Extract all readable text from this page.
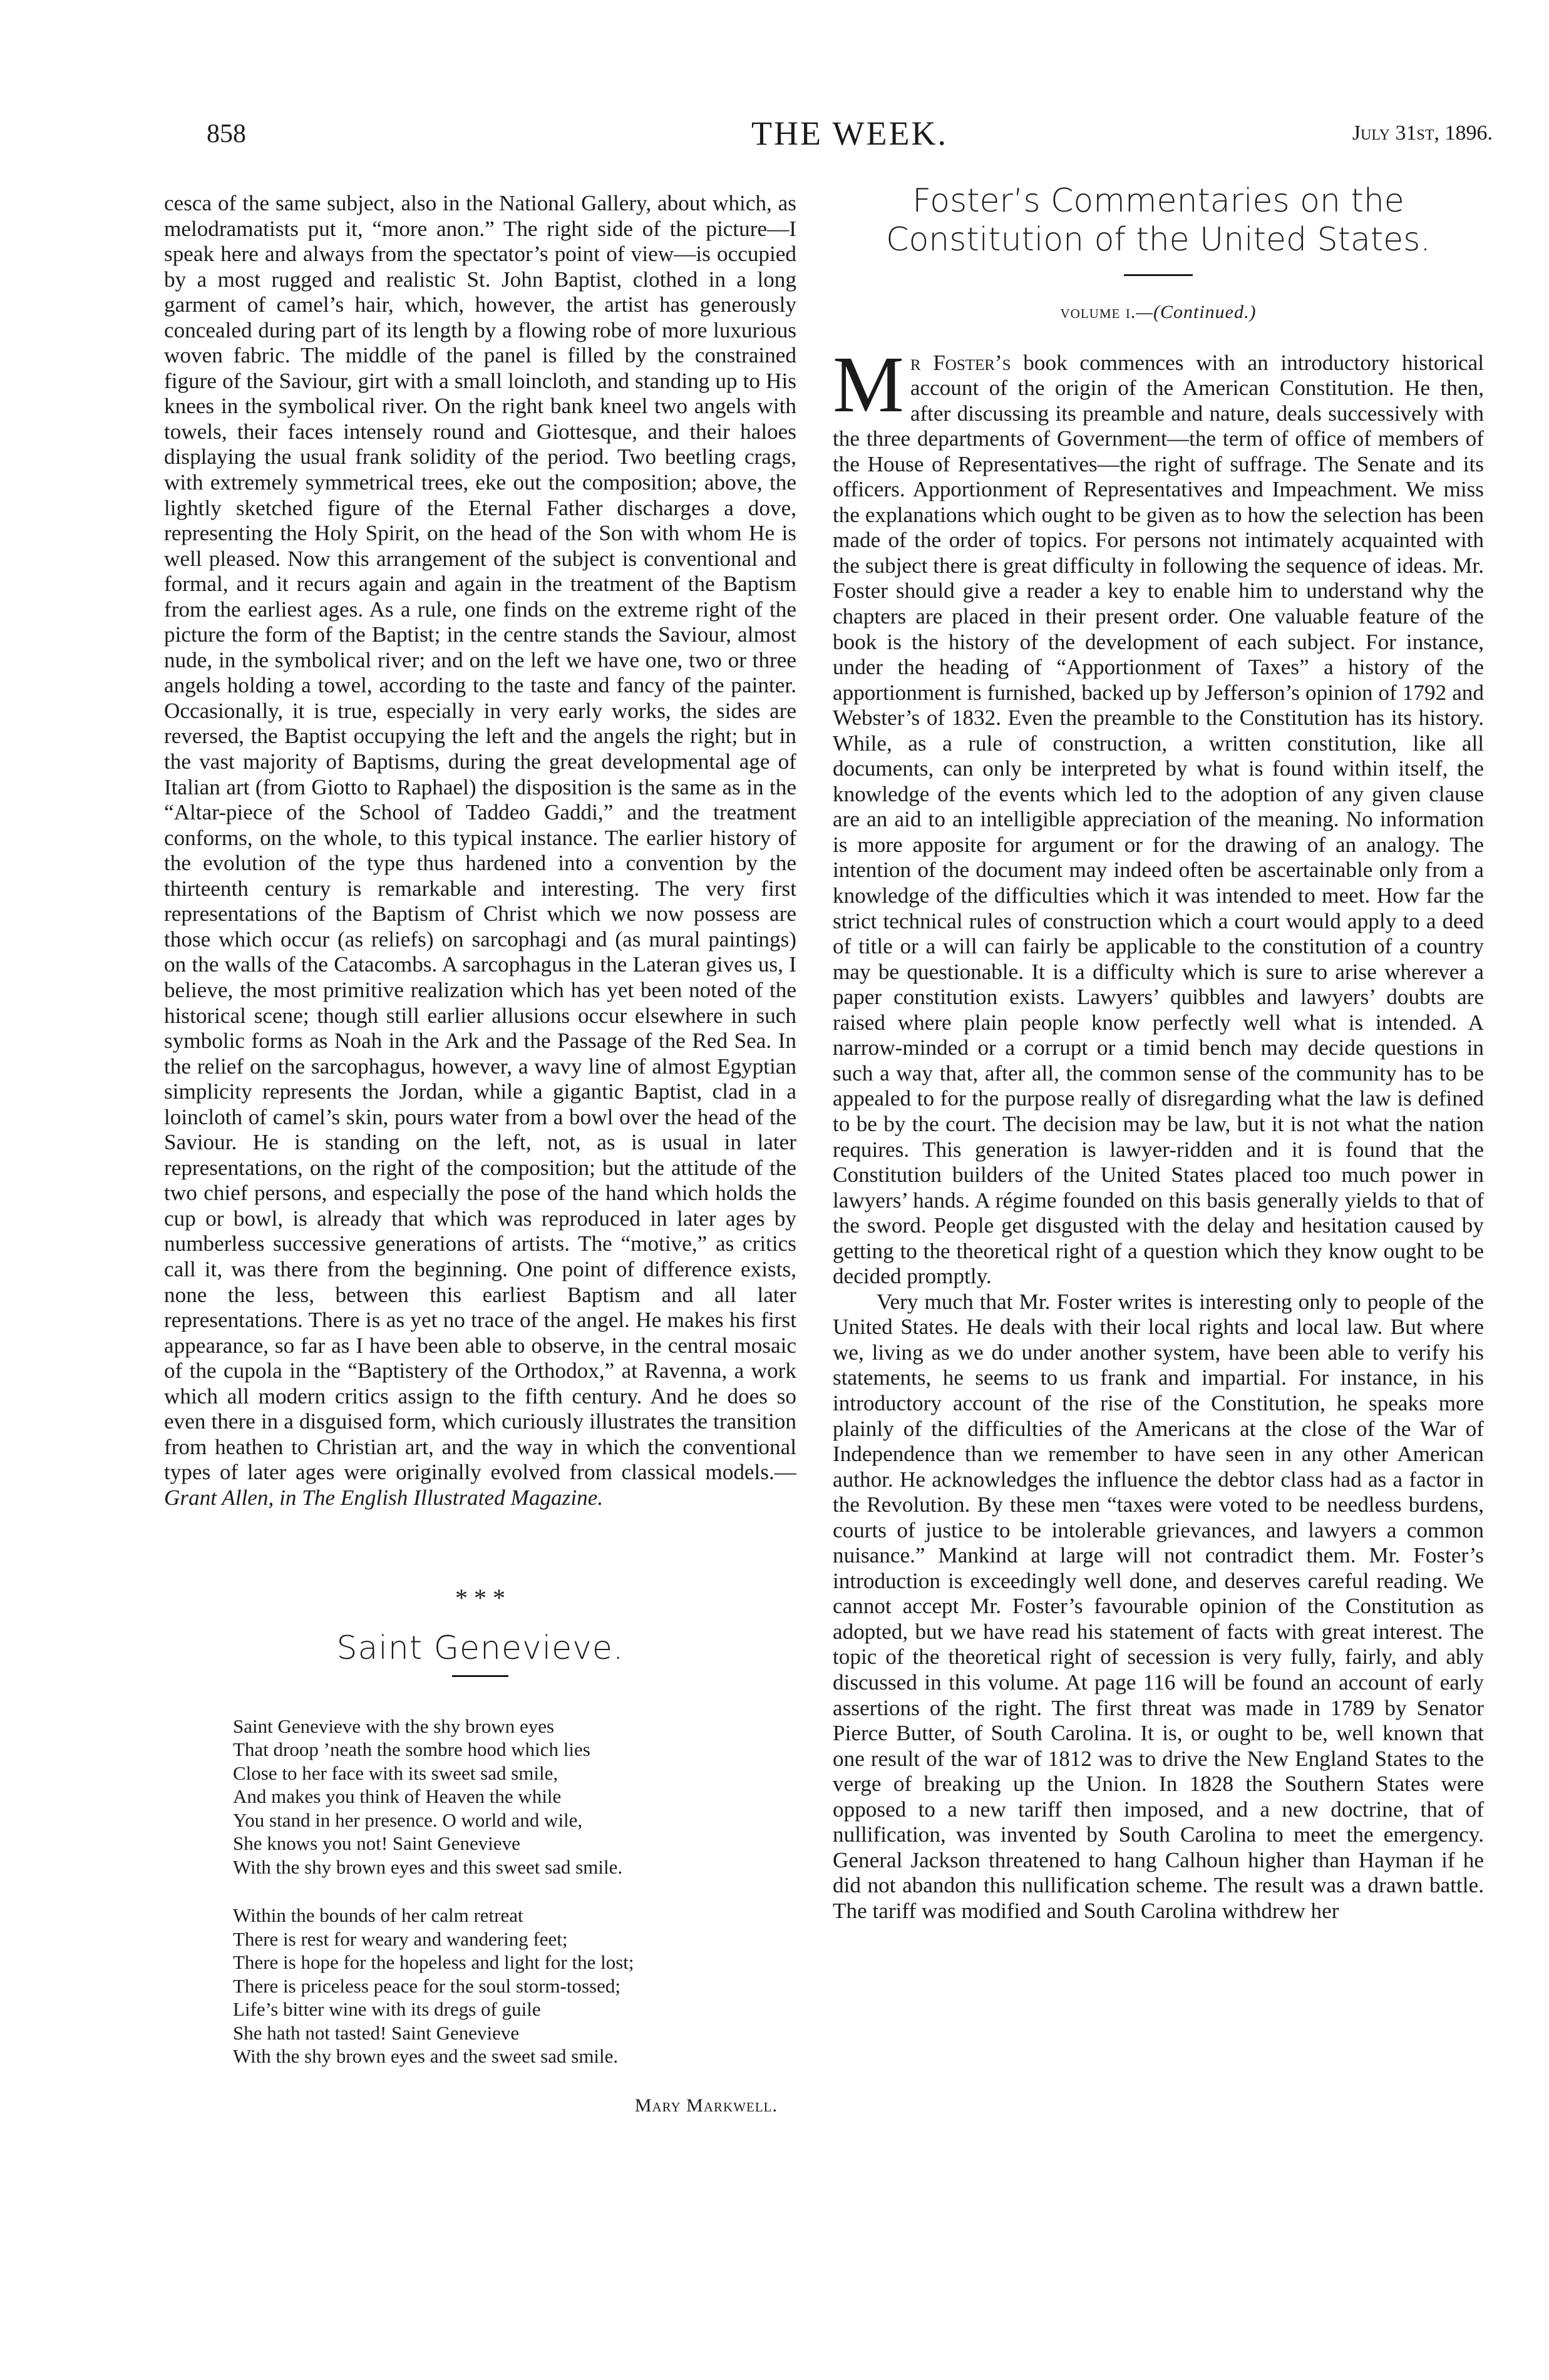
858	THE WEEK.	July 31st, 1896.

cesca of the same subject, also in the National Gallery, about which, as melodramatists put it, “more anon.” The right side of the picture—I speak here and always from the spectator’s point of view—is occupied by a most rugged and realistic St. John Baptist, clothed in a long garment of camel’s hair, which, however, the artist has generously concealed during part of its length by a flowing robe of more luxurious woven fabric. The middle of the panel is filled by the constrained figure of the Saviour, girt with a small loincloth, and standing up to His knees in the symbolical river. On the right bank kneel two angels with towels, their faces intensely round and Giottesque, and their haloes displaying the usual frank solidity of the period. Two beetling crags, with extremely symmetrical trees, eke out the composition; above, the lightly sketched figure of the Eternal Father discharges a dove, representing the Holy Spirit, on the head of the Son with whom He is well pleased. Now this arrangement of the subject is conventional and formal, and it recurs again and again in the treatment of the Baptism from the earliest ages. As a rule, one finds on the extreme right of the picture the form of the Baptist; in the centre stands the Saviour, almost nude, in the symbolical river; and on the left we have one, two or three angels holding a towel, according to the taste and fancy of the painter. Occasionally, it is true, especially in very early works, the sides are reversed, the Baptist occupying the left and the angels the right; but in the vast majority of Baptisms, during the great developmental age of Italian art (from Giotto to Raphael) the disposition is the same as in the “Altar-piece of the School of Taddeo Gaddi,” and the treatment conforms, on the whole, to this typical instance. The earlier history of the evolution of the type thus hardened into a convention by the thirteenth century is remarkable and interesting. The very first representations of the Baptism of Christ which we now possess are those which occur (as reliefs) on sarcophagi and (as mural paintings) on the walls of the Catacombs. A sarcophagus in the Lateran gives us, I believe, the most primitive realization which has yet been noted of the historical scene; though still earlier allusions occur elsewhere in such symbolic forms as Noah in the Ark and the Passage of the Red Sea. In the relief on the sarcophagus, however, a wavy line of almost Egyptian simplicity represents the Jordan, while a gigantic Baptist, clad in a loincloth of camel’s skin, pours water from a bowl over the head of the Saviour. He is standing on the left, not, as is usual in later representations, on the right of the composition; but the attitude of the two chief persons, and especially the pose of the hand which holds the cup or bowl, is already that which was reproduced in later ages by numberless successive generations of artists. The “motive,” as critics call it, was there from the beginning. One point of difference exists, none the less, between this earliest Baptism and all later representations. There is as yet no trace of the angel. He makes his first appearance, so far as I have been able to observe, in the central mosaic of the cupola in the “Baptistery of the Orthodox,” at Ravenna, a work which all modern critics assign to the fifth century. And he does so even there in a disguised form, which curiously illustrates the transition from heathen to Christian art, and the way in which the conventional types of later ages were originally evolved from classical models.—Grant Allen, in The English Illustrated Magazine.

* * *
Saint Genevieve.
Saint Genevieve with the shy brown eyes
That droop ’neath the sombre hood which lies
Close to her face with its sweet sad smile,
And makes you think of Heaven the while
You stand in her presence. O world and wile,
She knows you not! Saint Genevieve
With the shy brown eyes and this sweet sad smile.
Within the bounds of her calm retreat
There is rest for weary and wandering feet;
There is hope for the hopeless and light for the lost;
There is priceless peace for the soul storm-tossed;
Life’s bitter wine with its dregs of guile
She hath not tasted! Saint Genevieve
With the shy brown eyes and the sweet sad smile.
Mary Markwell.
Foster’s Commentaries on the Constitution of the United States.
volume i.—(Continued.)

Mr Foster’s book commences with an introductory historical account of the origin of the American Constitution. He then, after discussing its preamble and nature, deals successively with the three departments of Government—the term of office of members of the House of Representatives—the right of suffrage. The Senate and its officers. Apportionment of Representatives and Impeachment. We miss the explanations which ought to be given as to how the selection has been made of the order of topics. For persons not intimately acquainted with the subject there is great difficulty in following the sequence of ideas. Mr. Foster should give a reader a key to enable him to understand why the chapters are placed in their present order. One valuable feature of the book is the history of the development of each subject. For instance, under the heading of “Apportionment of Taxes” a history of the apportionment is furnished, backed up by Jefferson’s opinion of 1792 and Webster’s of 1832. Even the preamble to the Constitution has its history. While, as a rule of construction, a written constitution, like all documents, can only be interpreted by what is found within itself, the knowledge of the events which led to the adoption of any given clause are an aid to an intelligible appreciation of the meaning. No information is more apposite for argument or for the drawing of an analogy. The intention of the document may indeed often be ascertainable only from a knowledge of the difficulties which it was intended to meet. How far the strict technical rules of construction which a court would apply to a deed of title or a will can fairly be applicable to the constitution of a country may be questionable. It is a difficulty which is sure to arise wherever a paper constitution exists. Lawyers’ quibbles and lawyers’ doubts are raised where plain people know perfectly well what is intended. A narrow-minded or a corrupt or a timid bench may decide questions in such a way that, after all, the common sense of the community has to be appealed to for the purpose really of disregarding what the law is defined to be by the court. The decision may be law, but it is not what the nation requires. This generation is lawyer-ridden and it is found that the Constitution builders of the United States placed too much power in lawyers’ hands. A régime founded on this basis generally yields to that of the sword. People get disgusted with the delay and hesitation caused by getting to the theoretical right of a question which they know ought to be decided promptly.

Very much that Mr. Foster writes is interesting only to people of the United States. He deals with their local rights and local law. But where we, living as we do under another system, have been able to verify his statements, he seems to us frank and impartial. For instance, in his introductory account of the rise of the Constitution, he speaks more plainly of the difficulties of the Americans at the close of the War of Independence than we remember to have seen in any other American author. He acknowledges the influence the debtor class had as a factor in the Revolution. By these men “taxes were voted to be needless burdens, courts of justice to be intolerable grievances, and lawyers a common nuisance.” Mankind at large will not contradict them. Mr. Foster’s introduction is exceedingly well done, and deserves careful reading. We cannot accept Mr. Foster’s favourable opinion of the Constitution as adopted, but we have read his statement of facts with great interest. The topic of the theoretical right of secession is very fully, fairly, and ably discussed in this volume. At page 116 will be found an account of early assertions of the right. The first threat was made in 1789 by Senator Pierce Butter, of South Carolina. It is, or ought to be, well known that one result of the war of 1812 was to drive the New England States to the verge of breaking up the Union. In 1828 the Southern States were opposed to a new tariff then imposed, and a new doctrine, that of nullification, was invented by South Carolina to meet the emergency. General Jackson threatened to hang Calhoun higher than Hayman if he did not abandon this nullification scheme. The result was a drawn battle. The tariff was modified and South Carolina withdrew her
